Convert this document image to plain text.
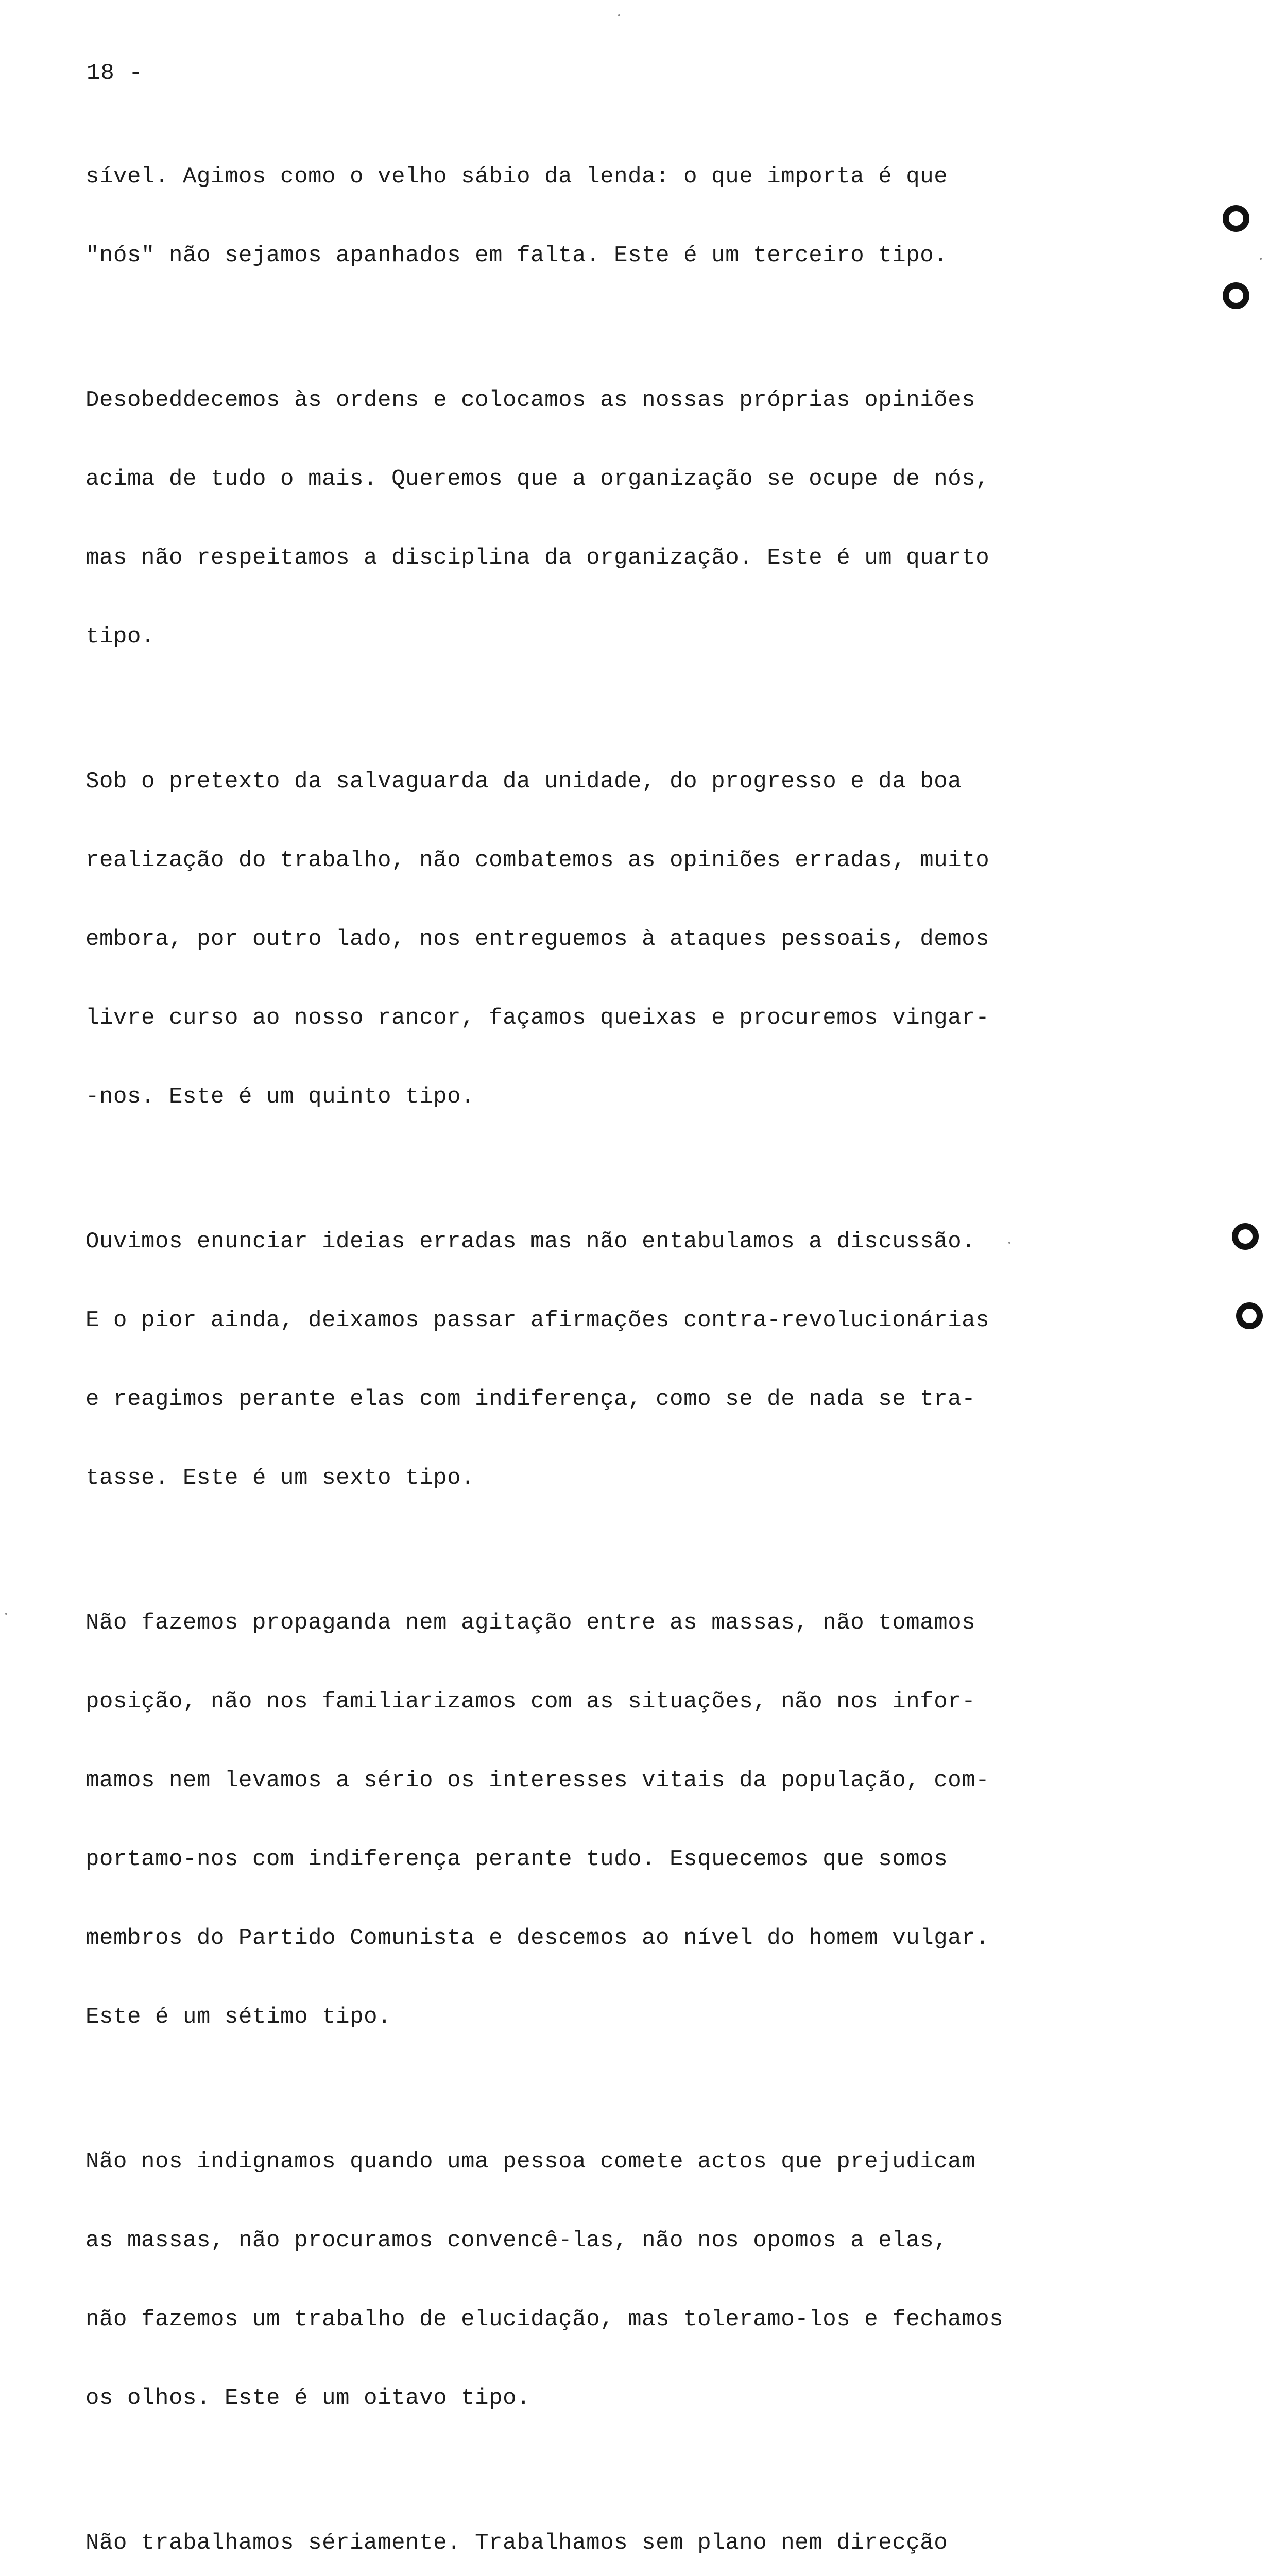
18 -

sível. Agimos como o velho sábio da lenda: o que importa é que

"nós" não sejamos apanhados em falta. Este é um terceiro tipo.

Desobeddecemos às ordens e colocamos as nossas próprias opiniões

acima de tudo o mais. Queremos que a organização se ocupe de nós,

mas não respeitamos a disciplina da organização. Este é um quarto

tipo.

Sob o pretexto da salvaguarda da unidade, do progresso e da boa

realização do trabalho, não combatemos as opiniões erradas, muito

embora, por outro lado, nos entreguemos à ataques pessoais, demos

livre curso ao nosso rancor, façamos queixas e procuremos vingar-

-nos. Este é um quinto tipo.

Ouvimos enunciar ideias erradas mas não entabulamos a discussão.

E o pior ainda, deixamos passar afirmações contra-revolucionárias

e reagimos perante elas com indiferença, como se de nada se tra-

tasse. Este é um sexto tipo.

Não fazemos propaganda nem agitação entre as massas, não tomamos

posição, não nos familiarizamos com as situações, não nos infor-

mamos nem levamos a sério os interesses vitais da população, com-

portamo-nos com indiferença perante tudo. Esquecemos que somos

membros do Partido Comunista e descemos ao nível do homem vulgar.

Este é um sétimo tipo.

Não nos indignamos quando uma pessoa comete actos que prejudicam

as massas, não procuramos convencê-las, não nos opomos a elas,

não fazemos um trabalho de elucidação, mas toleramo-los e fechamos

os olhos. Este é um oitavo tipo.

Não trabalhamos sériamente. Trabalhamos sem plano nem direcção
